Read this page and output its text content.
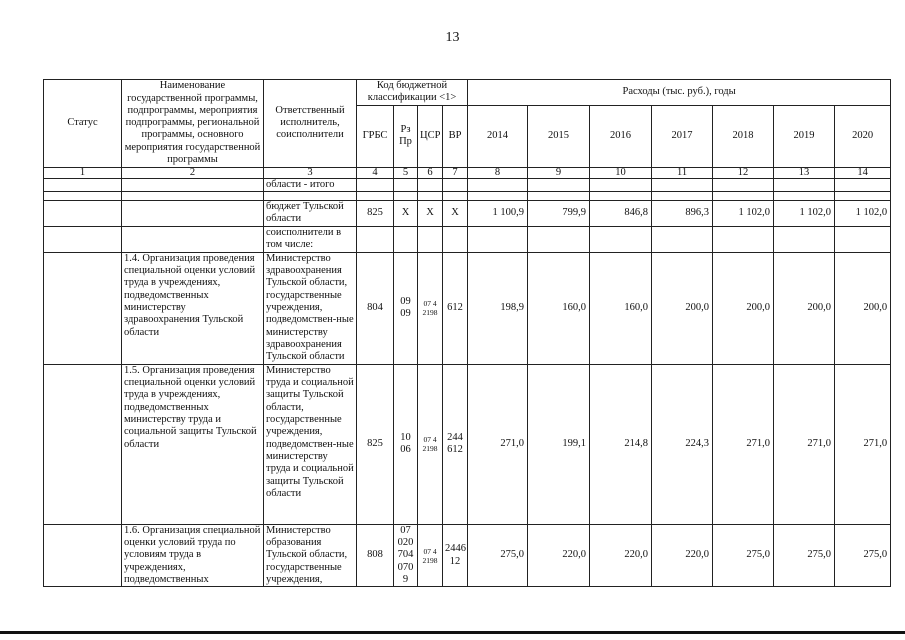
13
Статус	Наименование государственной программы, подпрограммы, мероприятия подпрограммы, региональной программы, основного мероприятия государственной программы	Ответственный исполнитель, соисполнители	Код бюджетной классификации <1>				Расходы (тыс. руб.), годы						
			ГРБС	Рз Пр	ЦСР	ВР	2014	2015	2016	2017	2018	2019	2020
1	2	3	4	5	6	7	8	9	10	11	12	13	14
		области - итого											

		бюджет Тульской области	825	Х	Х	Х	1 100,9	799,9	846,8	896,3	1 102,0	1 102,0	1 102,0
		соисполнители в том числе:											
	1.4. Организация проведения специальной оценки условий труда в учреждениях, подведомственных министерству здравоохранения Тульской области	Министерство здравоохранения Тульской области, государственные учреждения, подведомствен-ные министерству здравоохранения Тульской области	804	09 09	07 4 2198	612	198,9	160,0	160,0	200,0	200,0	200,0	200,0
	1.5. Организация проведения специальной оценки условий труда в учреждениях, подведомственных министерству труда и социальной защиты Тульской области	Министерство труда и социальной защиты Тульской области, государственные учреждения, подведомствен-ные министерству труда и социальной защиты Тульской области	825	10 06	07 4 2198	244 612	271,0	199,1	214,8	224,3	271,0	271,0	271,0
	1.6. Организация специальной оценки условий труда по условиям труда в учреждениях, подведомственных	Министерство образования Тульской области, государственные учреждения,	808	07 020 704 070 9	07 4 2198	2446 12	275,0	220,0	220,0	220,0	275,0	275,0	275,0
